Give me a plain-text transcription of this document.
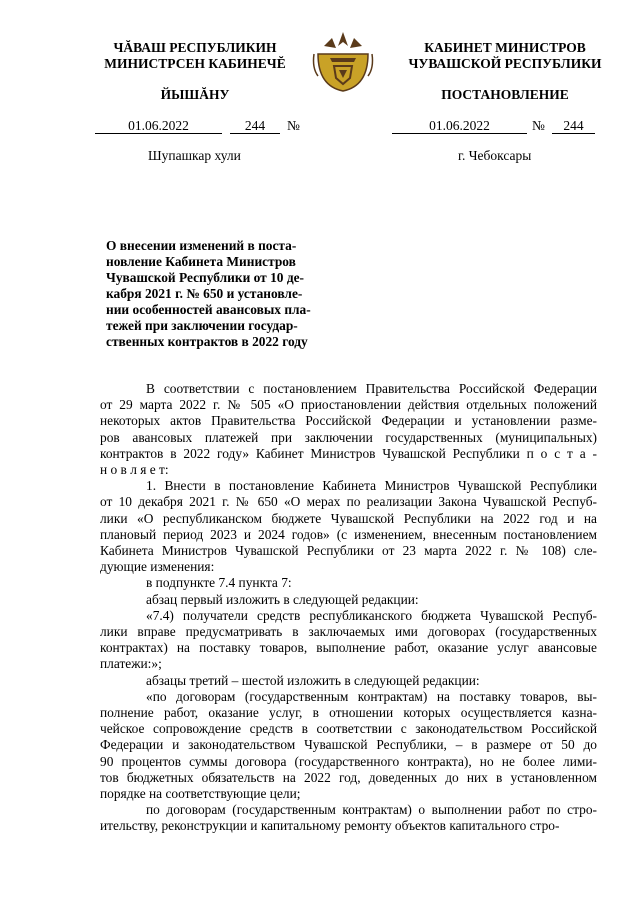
ЧĂВАШ РЕСПУБЛИКИН
МИНИСТРСЕН КАБИНЕЧĔ
ЙЫШĂНУ
КАБИНЕТ МИНИСТРОВ
ЧУВАШСКОЙ РЕСПУБЛИКИ
ПОСТАНОВЛЕНИЕ
01.06.2022	244	№	01.06.2022	№	244
Шупашкар хули	г. Чебоксары
О внесении изменений в поста-
новление Кабинета Министров
Чувашской Республики от 10 де-
кабря 2021 г. № 650 и установле-
нии особенностей авансовых пла-
тежей при заключении государ-
ственных контрактов в 2022 году

В соответствии с постановлением Правительства Российской Федерации
от 29 марта 2022 г. № 505 «О приостановлении действия отдельных положений
некоторых актов Правительства Российской Федерации и установлении разме-
ров авансовых платежей при заключении государственных (муниципальных)
контрактов в 2022 году» Кабинет Министров Чувашской Республики п о с т а -
н о в л я е т:

1. Внести в постановление Кабинета Министров Чувашской Республики
от 10 декабря 2021 г. № 650 «О мерах по реализации Закона Чувашской Респуб-
лики «О республиканском бюджете Чувашской Республики на 2022 год и на
плановый период 2023 и 2024 годов» (с изменением, внесенным постановлением
Кабинета Министров Чувашской Республики от 23 марта 2022 г. № 108) сле-
дующие изменения:

в подпункте 7.4 пункта 7:

абзац первый изложить в следующей редакции:

«7.4) получатели средств республиканского бюджета Чувашской Респуб-
лики вправе предусматривать в заключаемых ими договорах (государственных
контрактах) на поставку товаров, выполнение работ, оказание услуг авансовые
платежи:»;

абзацы третий – шестой изложить в следующей редакции:

«по договорам (государственным контрактам) на поставку товаров, вы-
полнение работ, оказание услуг, в отношении которых осуществляется казна-
чейское сопровождение средств в соответствии с законодательством Российской
Федерации и законодательством Чувашской Республики, – в размере от 50 до
90 процентов суммы договора (государственного контракта), но не более лими-
тов бюджетных обязательств на 2022 год, доведенных до них в установленном
порядке на соответствующие цели;

по договорам (государственным контрактам) о выполнении работ по стро-
ительству, реконструкции и капитальному ремонту объектов капитального стро-
